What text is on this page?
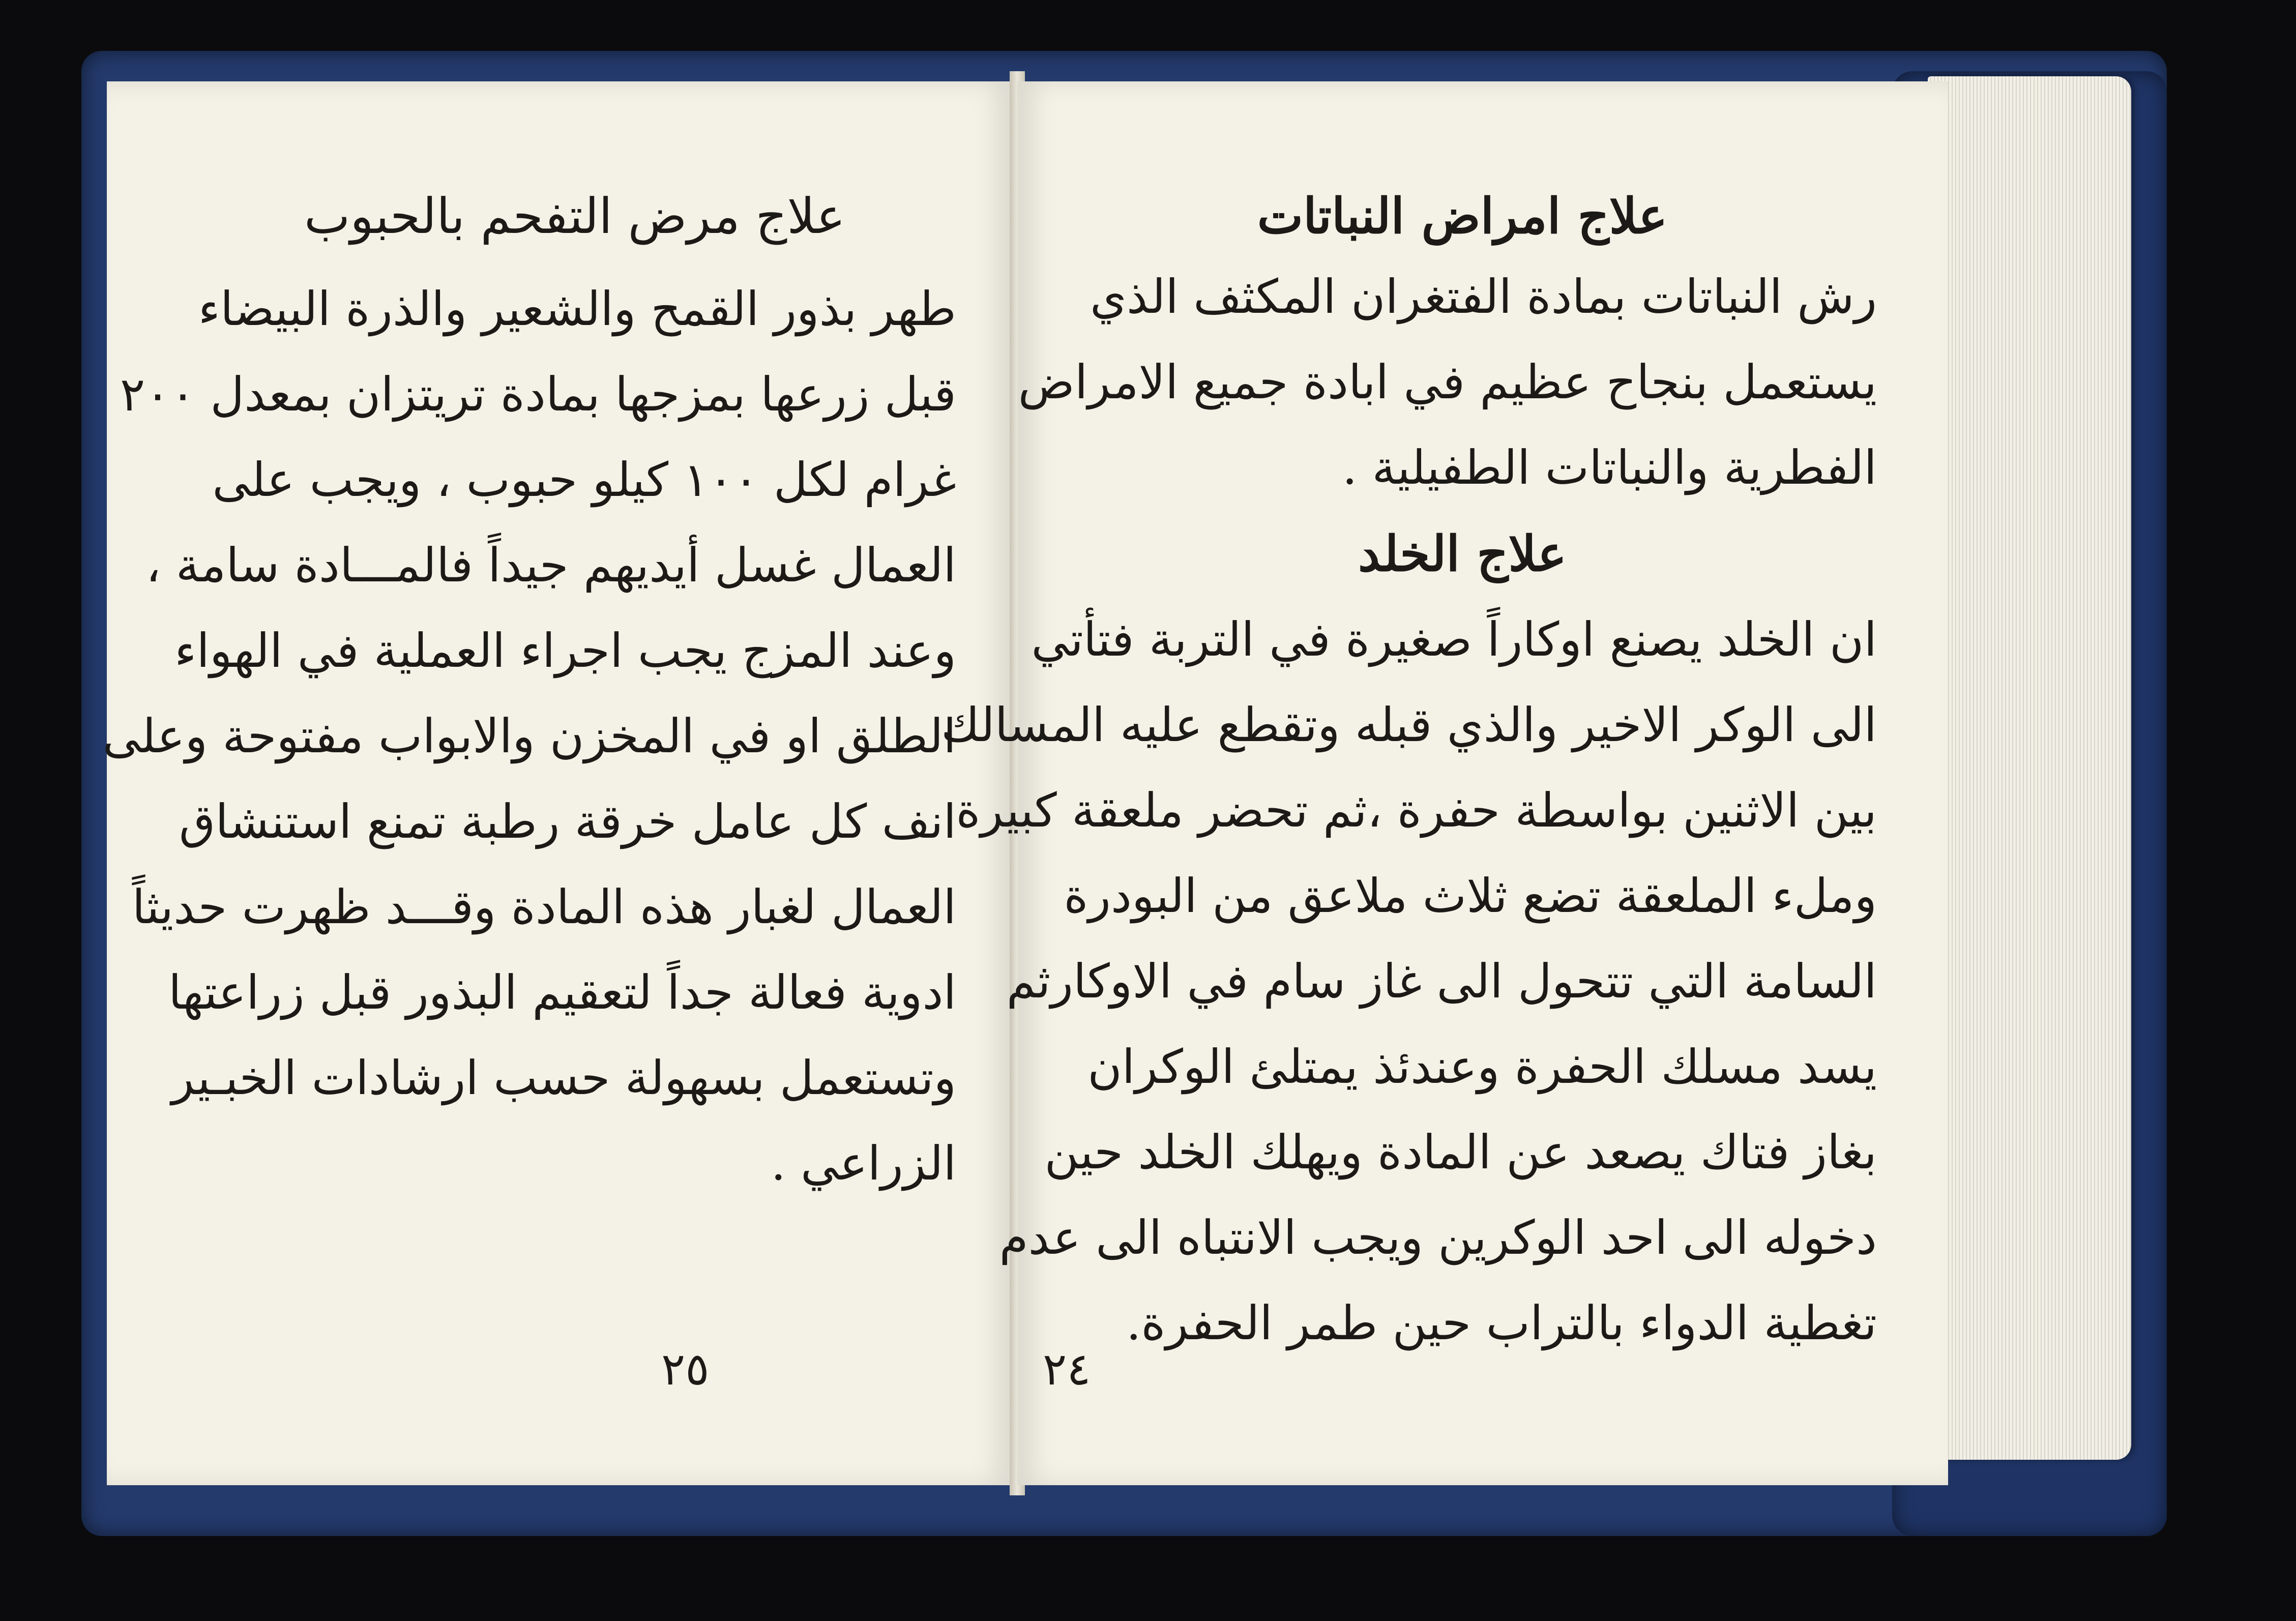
علاج مرض التفحم بالحبوب

طهر بذور القمح والشعير والذرة البيضاء

قبل زرعها بمزجها بمادة تريتزان بمعدل ٢٠٠

غرام لكل ١٠٠ كيلو حبوب ، ويجب على

العمال غسل أيديهم جيداً فالمـــادة سامة ،

وعند المزج يجب اجراء العملية في الهواء

الطلق او في المخزن والابواب مفتوحة وعلى

انف كل عامل خرقة رطبة تمنع استنشاق

العمال لغبار هذه المادة وقـــد ظهرت حديثاً

ادوية فعالة جداً لتعقيم البذور قبل زراعتها

وتستعمل بسهولة حسب ارشادات الخبـير

الزراعي .

٢٥

علاج امراض النباتات

رش النباتات بمادة الفتغران المكثف الذي

يستعمل بنجاح عظيم في ابادة جميع الامراض

الفطرية والنباتات الطفيلية .

علاج الخلد

ان الخلد يصنع اوكاراً صغيرة في التربة فتأتي

الى الوكر الاخير والذي قبله وتقطع عليه المسالك

بين الاثنين بواسطة حفرة ،ثم تحضر ملعقة كبيرة

وملء الملعقة تضع ثلاث ملاعق من البودرة

السامة التي تتحول الى غاز سام في الاوكارثم

يسد مسلك الحفرة وعندئذ يمتلئ الوكران

بغاز فتاك يصعد عن المادة ويهلك الخلد حين

دخوله الى احد الوكرين ويجب الانتباه الى عدم

تغطية الدواء بالتراب حين طمر الحفرة.

٢٤
